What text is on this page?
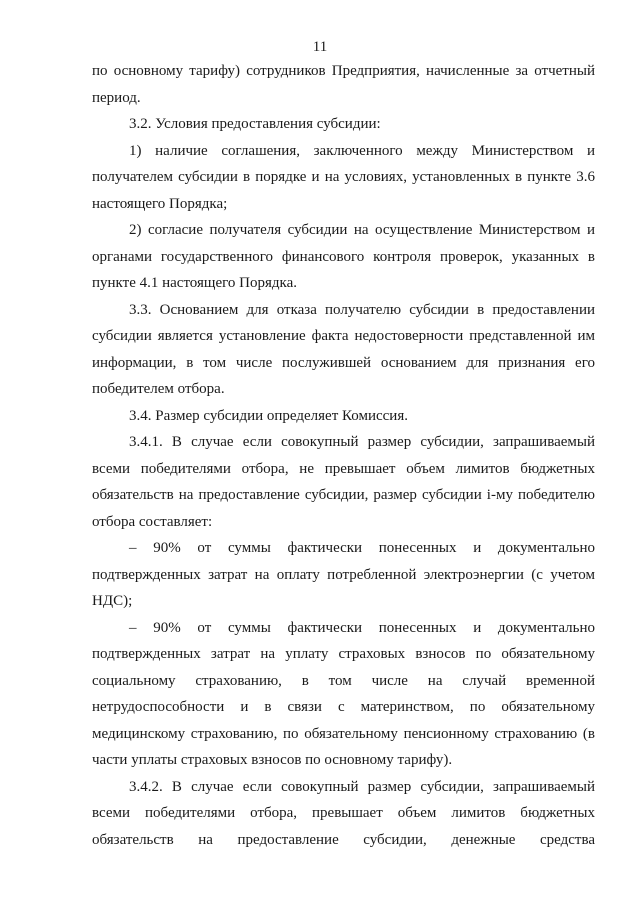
11

по основному тарифу) сотрудников Предприятия, начисленные за отчетный период.

3.2. Условия предоставления субсидии:

1) наличие соглашения, заключенного между Министерством и получателем субсидии в порядке и на условиях, установленных в пункте 3.6 настоящего Порядка;

2) согласие получателя субсидии на осуществление Министерством и органами государственного финансового контроля проверок, указанных в пункте 4.1 настоящего Порядка.

3.3. Основанием для отказа получателю субсидии в предоставлении субсидии является установление факта недостоверности представленной им информации, в том числе послужившей основанием для признания его победителем отбора.

3.4. Размер субсидии определяет Комиссия.

3.4.1. В случае если совокупный размер субсидии, запрашиваемый всеми победителями отбора, не превышает объем лимитов бюджетных обязательств на предоставление субсидии, размер субсидии i-му победителю отбора составляет:

– 90% от суммы фактически понесенных и документально подтвержденных затрат на оплату потребленной электроэнергии (с учетом НДС);

– 90% от суммы фактически понесенных и документально подтвержденных затрат на уплату страховых взносов по обязательному социальному страхованию, в том числе на случай временной нетрудоспособности и в связи с материнством, по обязательному медицинскому страхованию, по обязательному пенсионному страхованию (в части уплаты страховых взносов по основному тарифу).

3.4.2. В случае если совокупный размер субсидии, запрашиваемый всеми победителями отбора, превышает объем лимитов бюджетных обязательств на предоставление субсидии, денежные средства
